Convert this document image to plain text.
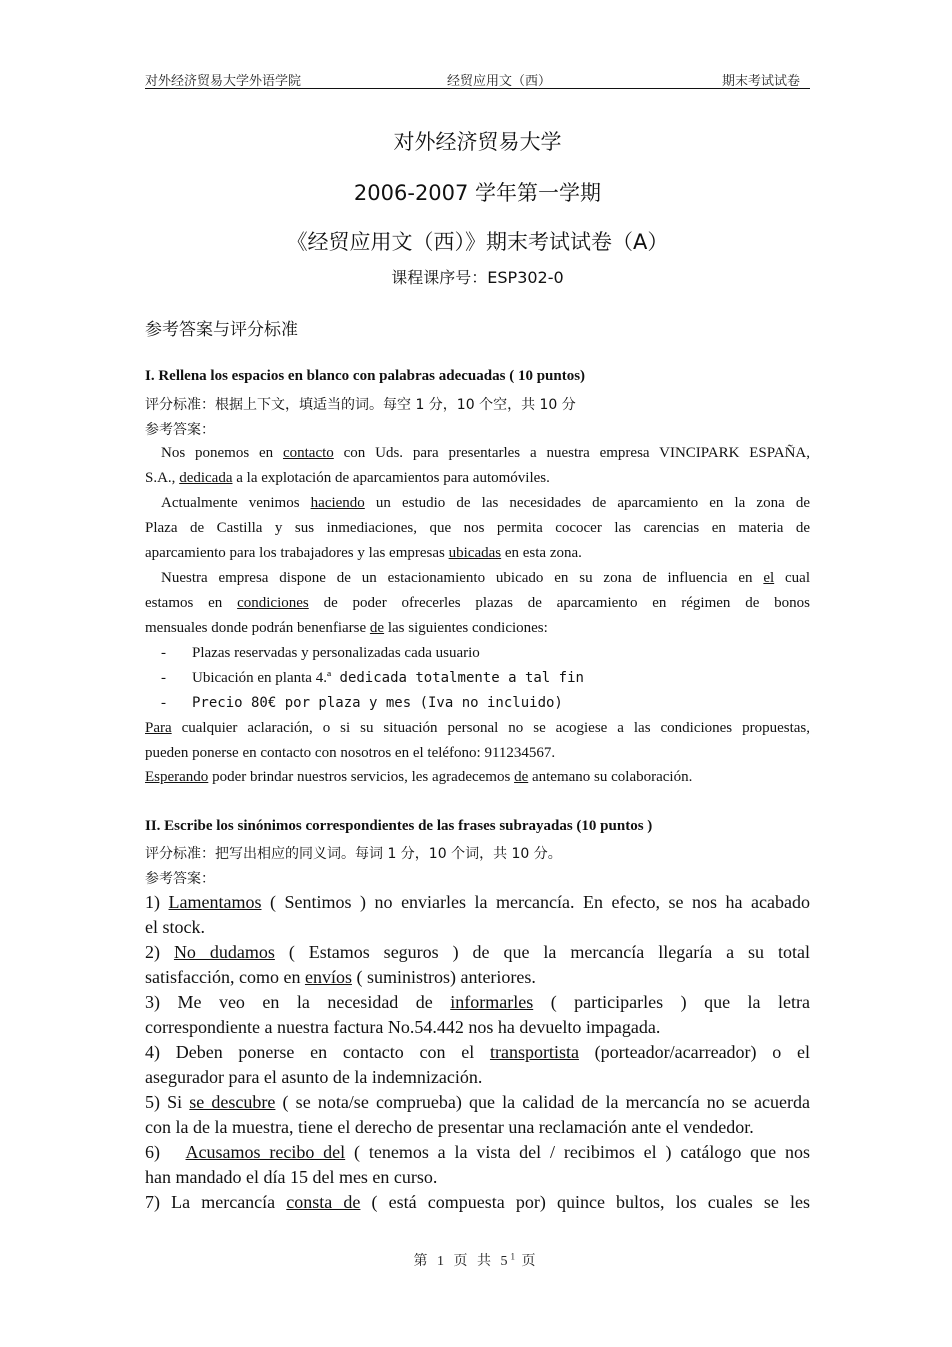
对外经济贸易大学外语学院	经贸应用文（西）	期末考试试卷
对外经济贸易大学
2006-2007 学年第一学期
《经贸应用文（西）》期末考试试卷（A）
课程课序号：ESP302-0
参考答案与评分标准
I. Rellena los espacios en blanco con palabras adecuadas ( 10 puntos)
评分标准：根据上下文，填适当的词。每空 1 分，10 个空，共 10 分
参考答案：
Nos ponemos en contacto con Uds. para presentarles a nuestra empresa VINCIPARK ESPAÑA,
S.A., dedicada a la explotación de aparcamientos para automóviles.
Actualmente venimos haciendo un estudio de las necesidades de aparcamiento en la zona de
Plaza de Castilla y sus inmediaciones, que nos permita cococer las carencias en materia de
aparcamiento para los trabajadores y las empresas ubicadas en esta zona.
Nuestra empresa dispone de un estacionamiento ubicado en su zona de influencia en el cual
estamos en condiciones de poder ofrecerles plazas de aparcamiento en régimen de bonos
mensuales donde podrán benenfiarse de las siguientes condiciones:
- Plazas reservadas y personalizadas cada usuario
- Ubicación en planta 4.ª dedicada totalmente a tal fin
- Precio 80€ por plaza y mes (Iva no incluido)
Para cualquier aclaración, o si su situación personal no se acogiese a las condiciones propuestas,
pueden ponerse en contacto con nosotros en el teléfono: 911234567.
Esperando poder brindar nuestros servicios, les agradecemos de antemano su colaboración.
II. Escribe los sinónimos correspondientes de las frases subrayadas (10 puntos )
评分标准：把写出相应的同义词。每词 1 分，10 个词，共 10 分。
参考答案：
1) Lamentamos ( Sentimos ) no enviarles la mercancía. En efecto, se nos ha acabado
el stock.
2) No dudamos ( Estamos seguros ) de que la mercancía llegaría a su total
satisfacción, como en envíos ( suministros) anteriores.
3) Me veo en la necesidad de informarles ( participarles ) que la letra
correspondiente a nuestra factura No.54.442 nos ha devuelto impagada.
4) Deben ponerse en contacto con el transportista (porteador/acarreador) o el
asegurador para el asunto de la indemnización.
5) Si se descubre ( se nota/se comprueba) que la calidad de la mercancía no se acuerda
con la de la muestra, tiene el derecho de presentar una reclamación ante el vendedor.
6)   Acusamos recibo del ( tenemos a la vista del / recibimos el ) catálogo que nos
han mandado el día 15 del mes en curso.
7) La mercancía consta de ( está compuesta por) quince bultos, los cuales se les
第 1 页 共 $5^1$ 页
